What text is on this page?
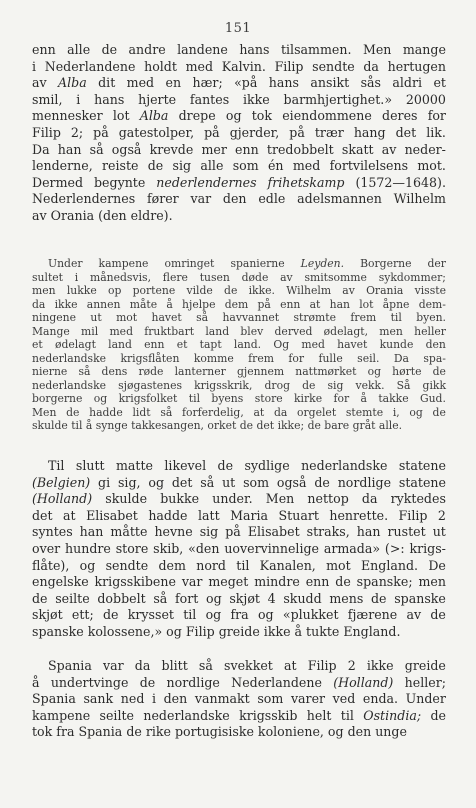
151
enn alle de andre landene hans tilsammen. Men mange
i Nederlandene holdt med Kalvin. Filip sendte da hertugen
av Alba dit med en hær; «på hans ansikt sås aldri et
smil, i hans hjerte fantes ikke barmhjertighet.» 20000
mennesker lot Alba drepe og tok eiendommene deres for
Filip 2; på gatestolper, på gjerder, på trær hang det lik.
Da han så også krevde mer enn tredobbelt skatt av neder-
lenderne, reiste de sig alle som én med fortvilelsens mot.
Dermed begynte nederlendernes frihetskamp (1572—1648).
Nederlendernes fører var den edle adelsmannen Wilhelm
av Orania (den eldre).
Under kampene omringet spanierne Leyden. Borgerne der
sultet i månedsvis, flere tusen døde av smitsomme sykdommer;
men lukke op portene vilde de ikke. Wilhelm av Orania visste
da ikke annen måte å hjelpe dem på enn at han lot åpne dem-
ningene ut mot havet så havvannet strømte frem til byen.
Mange mil med fruktbart land blev derved ødelagt, men heller
et ødelagt land enn et tapt land. Og med havet kunde den
nederlandske krigsflåten komme frem for fulle seil. Da spa-
nierne så dens røde lanterner gjennem nattmørket og hørte de
nederlandske sjøgastenes krigsskrik, drog de sig vekk. Så gikk
borgerne og krigsfolket til byens store kirke for å takke Gud.
Men de hadde lidt så forferdelig, at da orgelet stemte i, og de
skulde til å synge takkesangen, orket de det ikke; de bare gråt alle.
Til slutt matte likevel de sydlige nederlandske statene
(Belgien) gi sig, og det så ut som også de nordlige statene
(Holland) skulde bukke under. Men nettop da ryktedes
det at Elisabet hadde latt Maria Stuart henrette. Filip 2
syntes han måtte hevne sig på Elisabet straks, han rustet ut
over hundre store skib, «den uovervinnelige armada» (>: krigs-
flåte), og sendte dem nord til Kanalen, mot England. De
engelske krigsskibene var meget mindre enn de spanske; men
de seilte dobbelt så fort og skjøt 4 skudd mens de spanske
skjøt ett; de krysset til og fra og «plukket fjærene av de
spanske kolossene,» og Filip greide ikke å tukte England.
Spania var da blitt så svekket at Filip 2 ikke greide
å undertvinge de nordlige Nederlandene (Holland) heller;
Spania sank ned i den vanmakt som varer ved enda. Under
kampene seilte nederlandske krigsskib helt til Ostindia; de
tok fra Spania de rike portugisiske koloniene, og den unge
